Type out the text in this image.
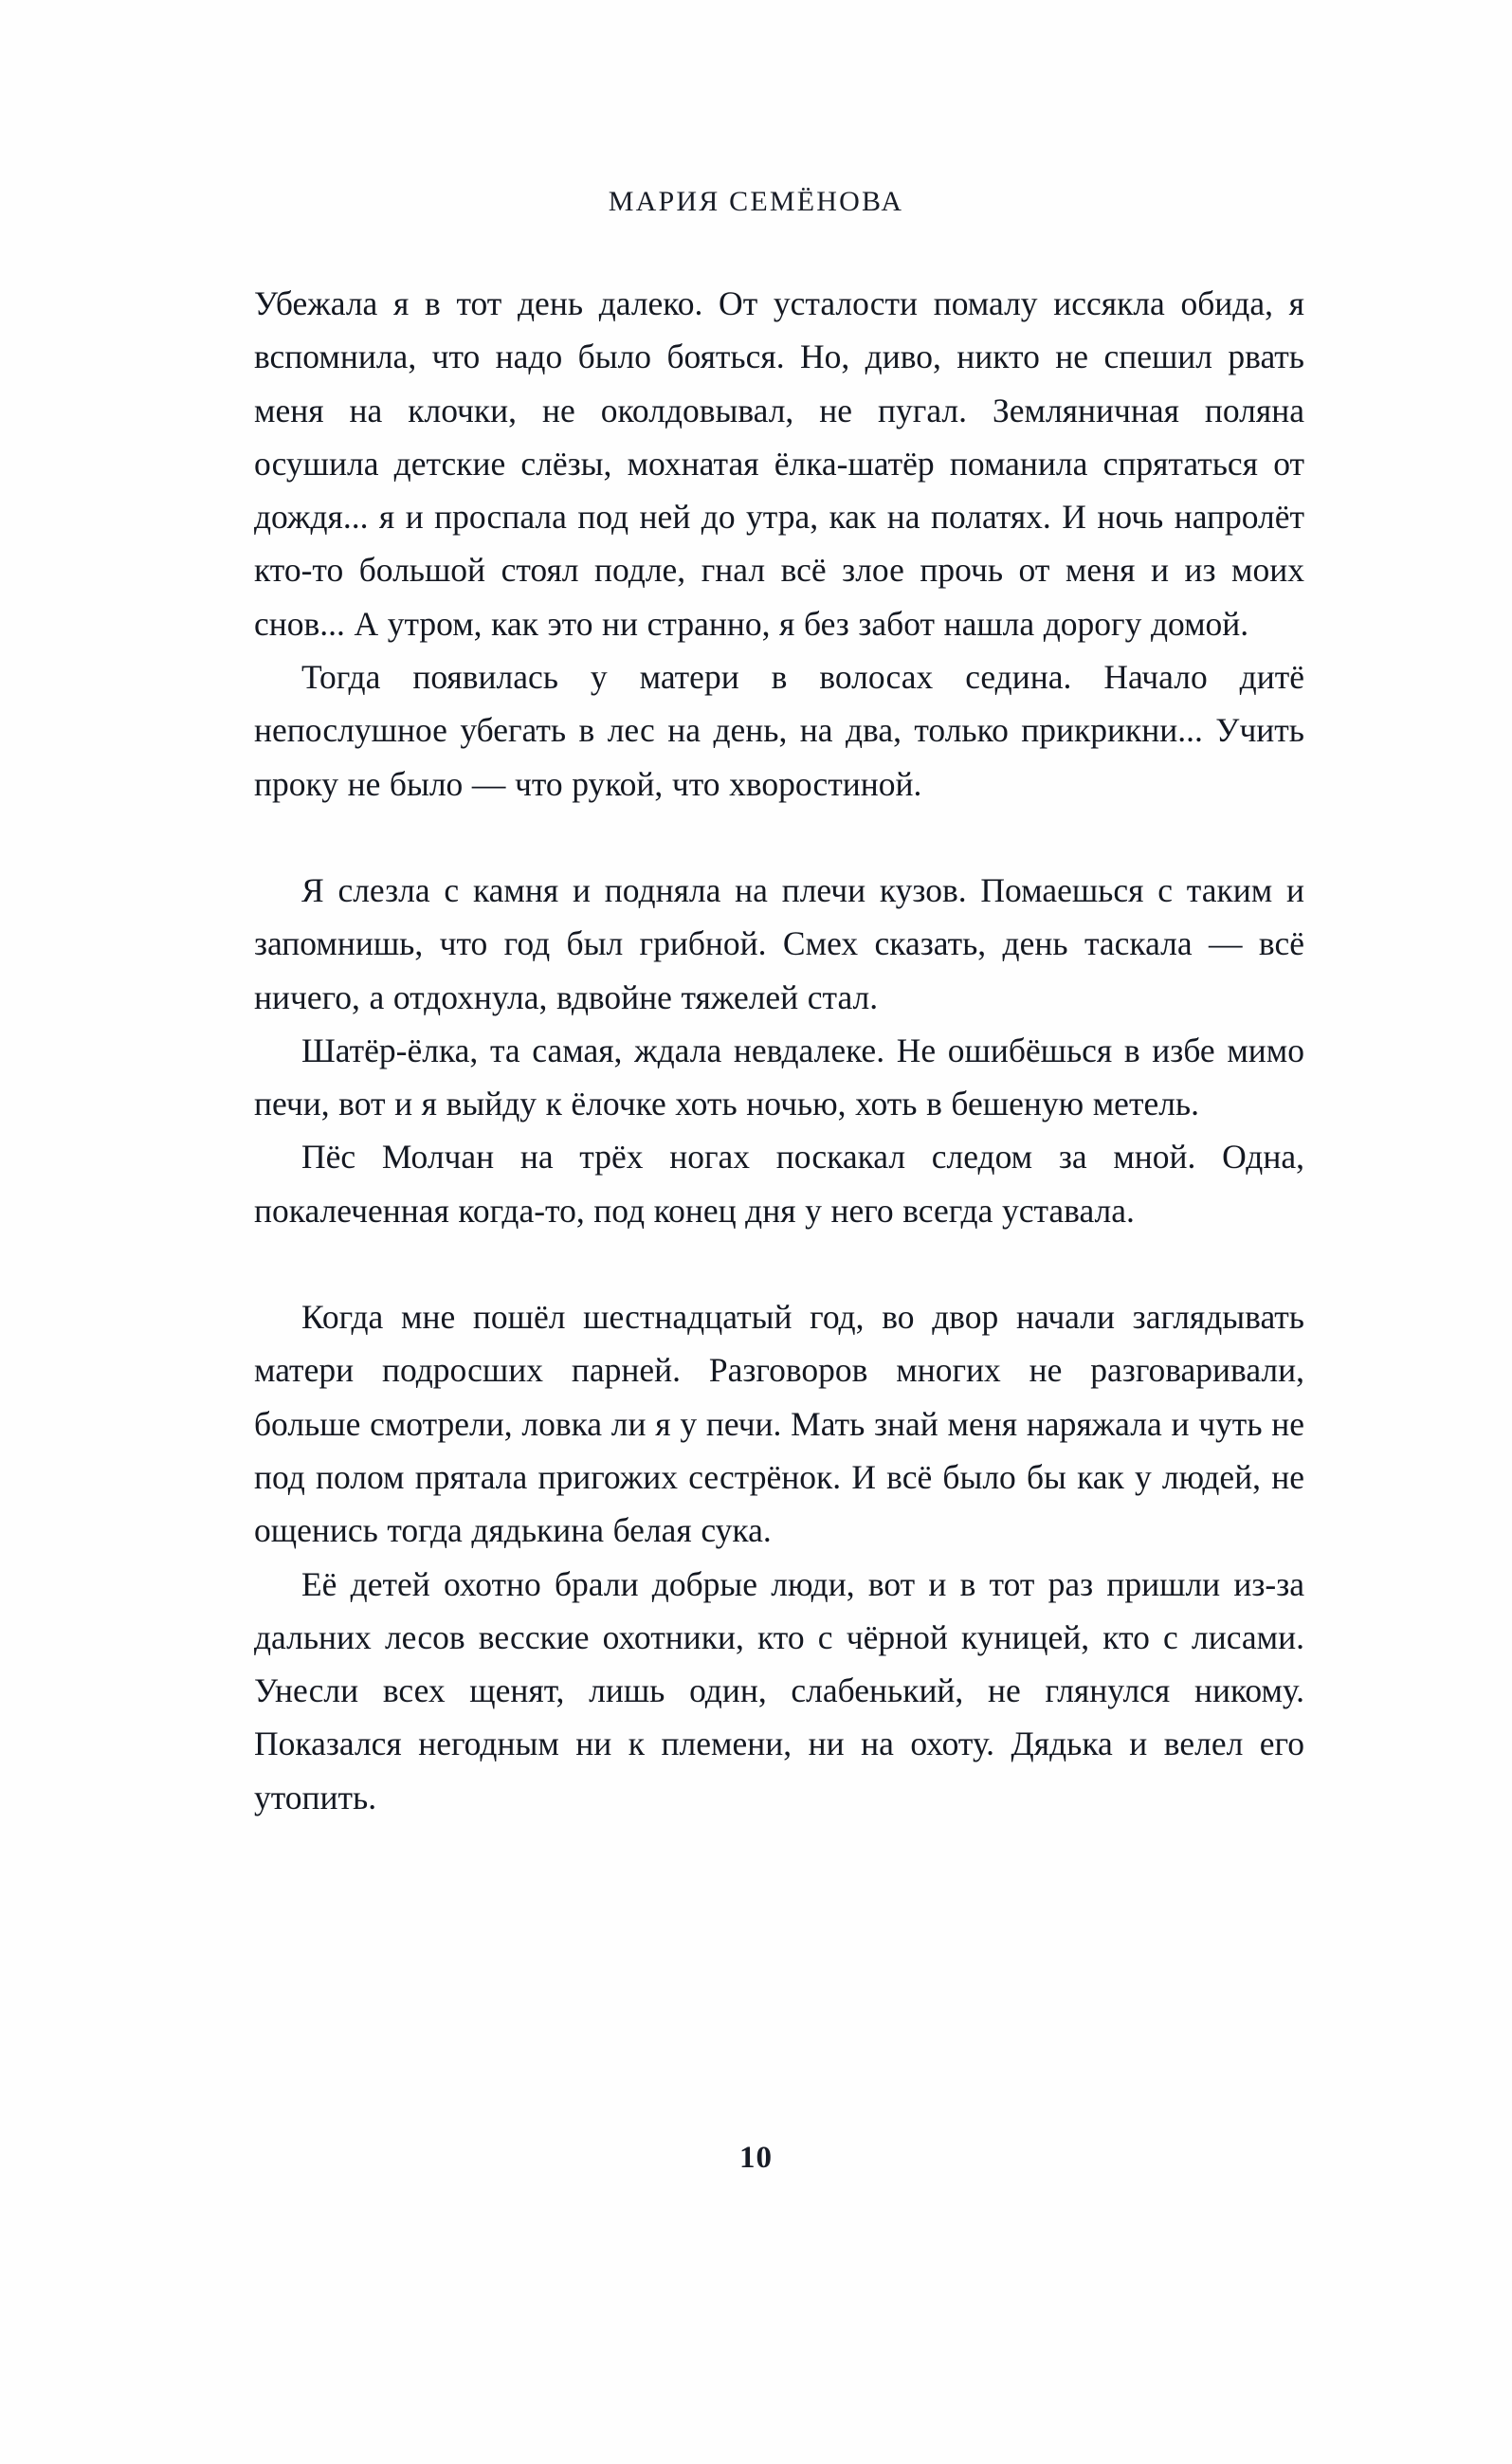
МАРИЯ СЕМЁНОВА

Убежала я в тот день далеко. От усталости помалу иссякла обида, я вспомнила, что надо было бояться. Но, диво, никто не спешил рвать меня на клочки, не околдовывал, не пугал. Земляничная поляна осушила детские слёзы, мохнатая ёлка-шатёр поманила спрятаться от дождя... я и проспала под ней до утра, как на полатях. И ночь напролёт кто-то большой стоял подле, гнал всё злое прочь от меня и из моих снов... А утром, как это ни странно, я без забот нашла дорогу домой.

Тогда появилась у матери в волосах седина. Начало дитё непослушное убегать в лес на день, на два, только прикрикни... Учить проку не было — что рукой, что хворостиной.

Я слезла с камня и подняла на плечи кузов. Помаешься с таким и запомнишь, что год был грибной. Смех сказать, день таскала — всё ничего, а отдохнула, вдвойне тяжелей стал.

Шатёр-ёлка, та самая, ждала невдалеке. Не ошибёшься в избе мимо печи, вот и я выйду к ёлочке хоть ночью, хоть в бешеную метель.

Пёс Молчан на трёх ногах поскакал следом за мной. Одна, покалеченная когда-то, под конец дня у него всегда уставала.

Когда мне пошёл шестнадцатый год, во двор начали заглядывать матери подросших парней. Разговоров многих не разговаривали, больше смотрели, ловка ли я у печи. Мать знай меня наряжала и чуть не под полом прятала пригожих сестрёнок. И всё было бы как у людей, не ощенись тогда дядькина белая сука.

Её детей охотно брали добрые люди, вот и в тот раз пришли из-за дальних лесов весские охотники, кто с чёрной куницей, кто с лисами. Унесли всех щенят, лишь один, слабенький, не глянулся никому. Показался негодным ни к племени, ни на охоту. Дядька и велел его утопить.

10
